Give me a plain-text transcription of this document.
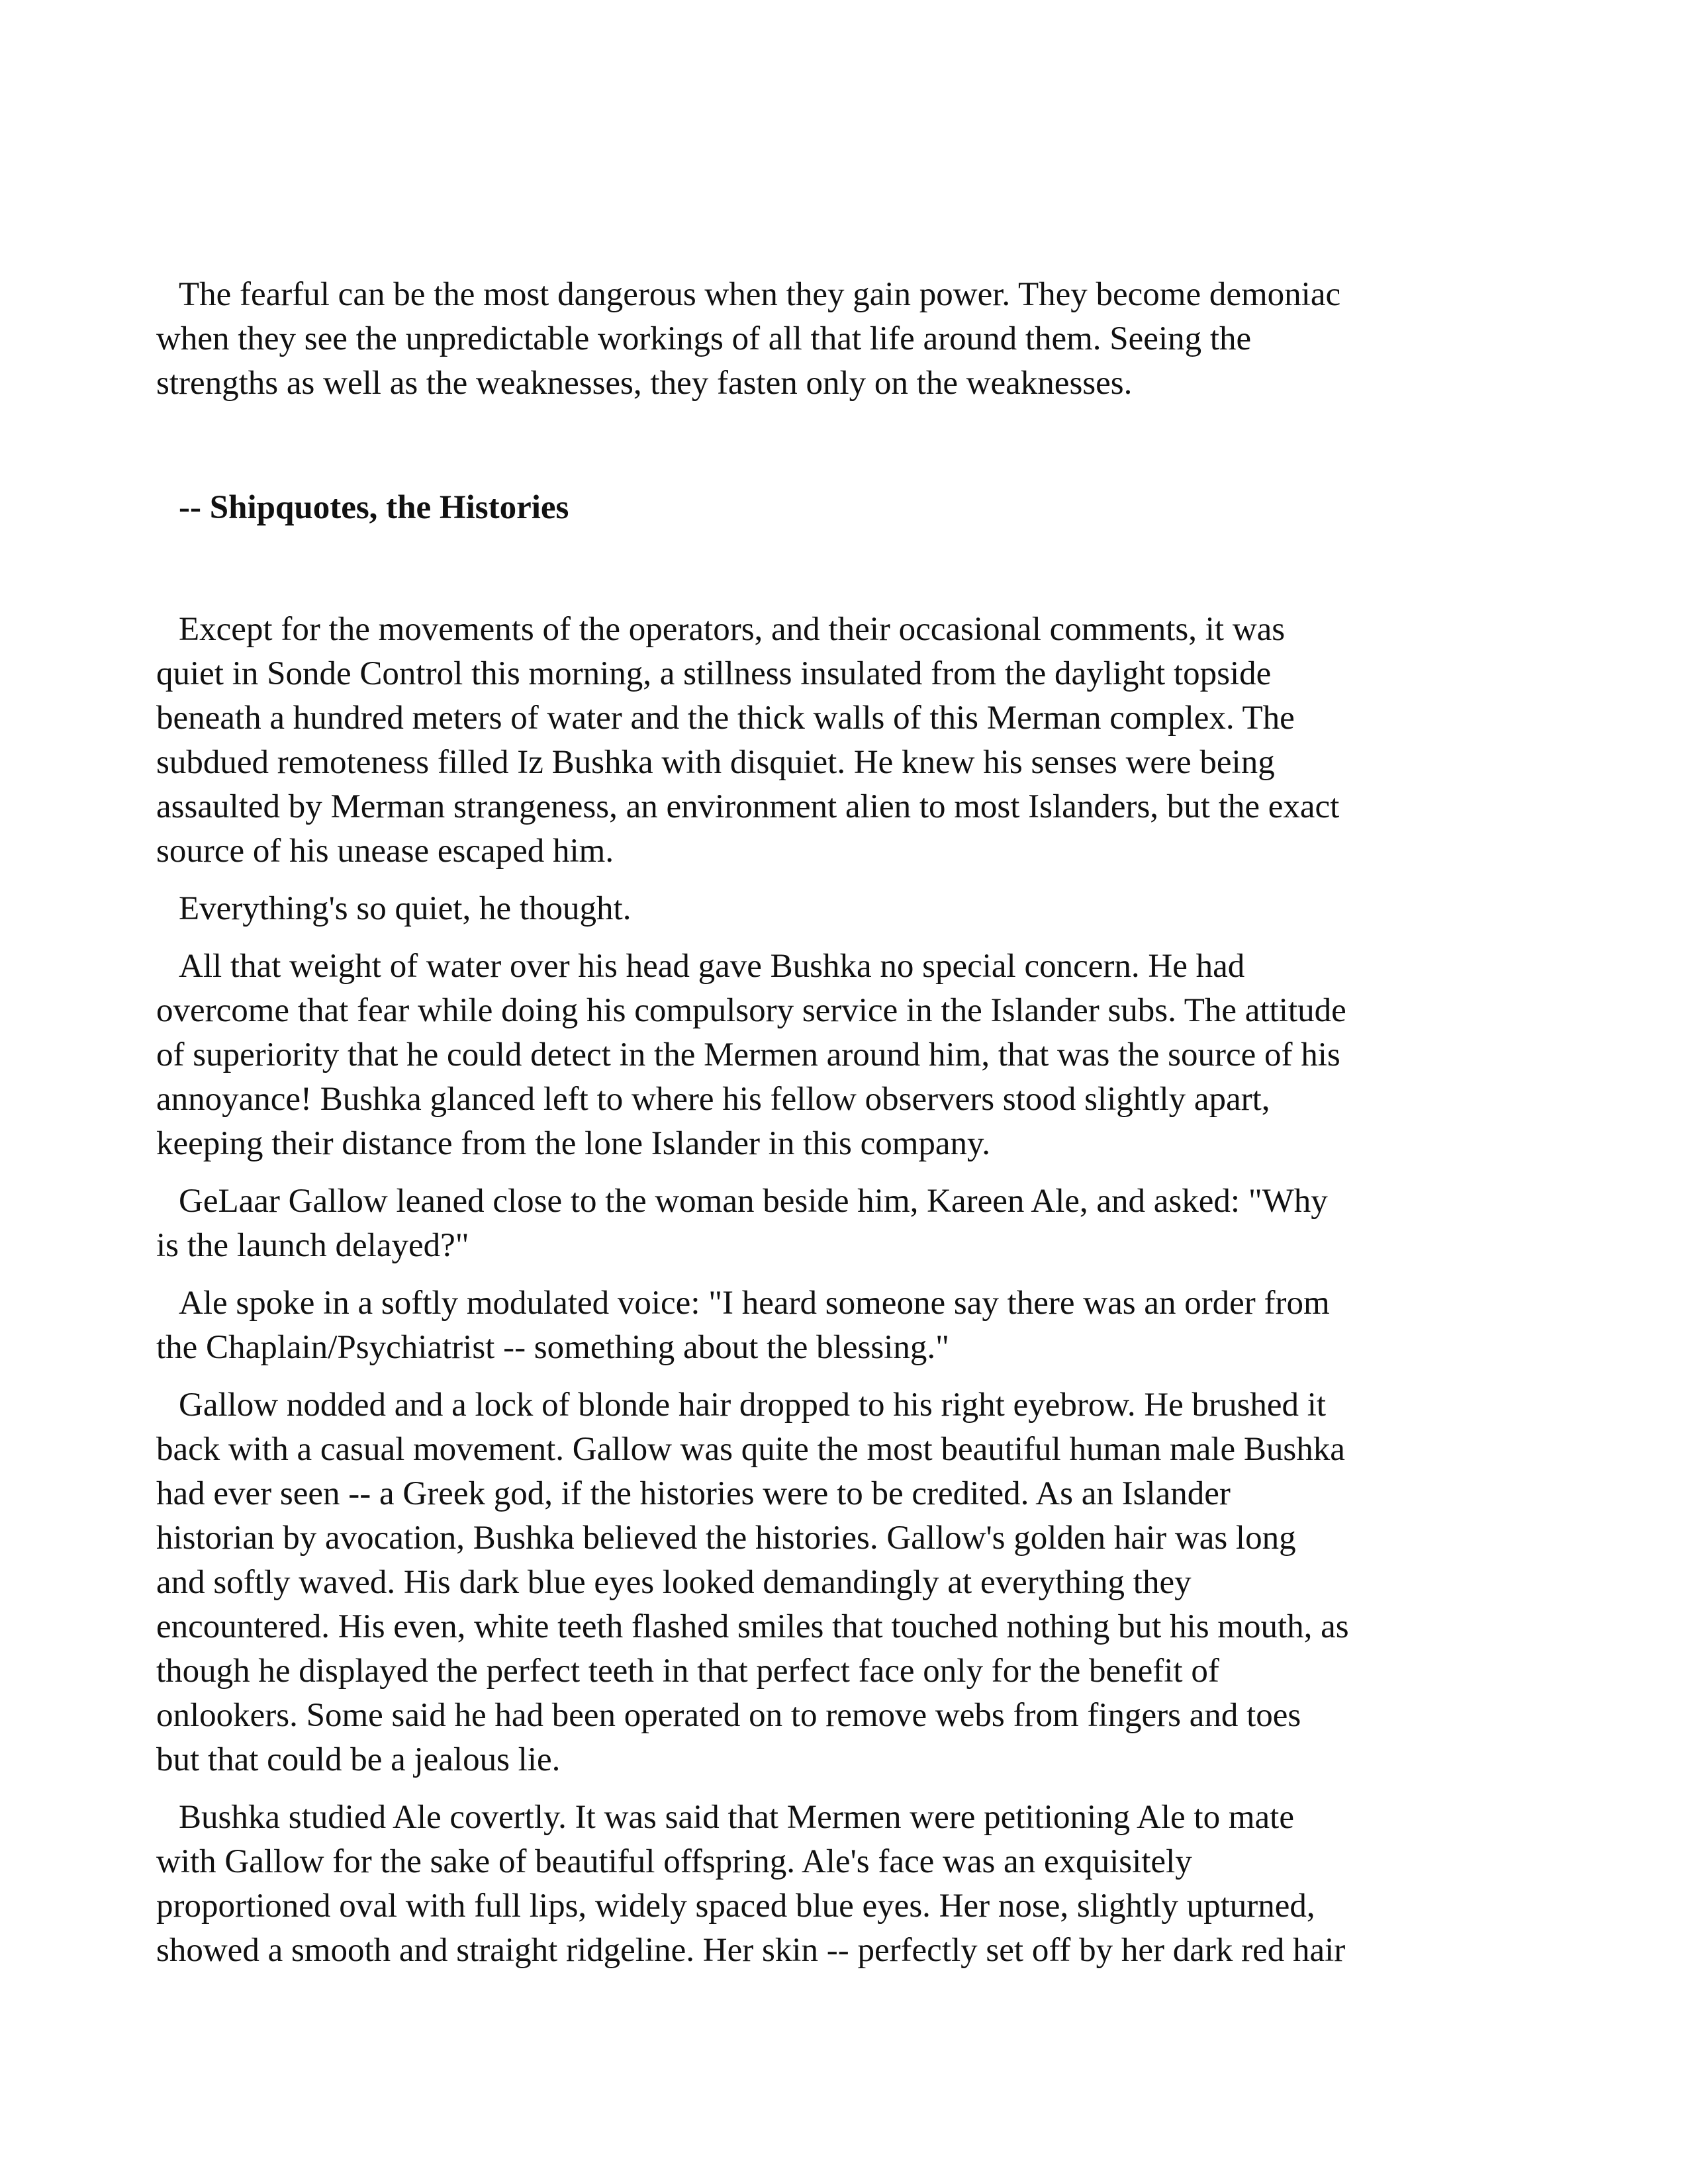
The fearful can be the most dangerous when they gain power. They become demoniac
when they see the unpredictable workings of all that life around them. Seeing the
strengths as well as the weaknesses, they fasten only on the weaknesses.

-- Shipquotes, the Histories

Except for the movements of the operators, and their occasional comments, it was
quiet in Sonde Control this morning, a stillness insulated from the daylight topside
beneath a hundred meters of water and the thick walls of this Merman complex. The
subdued remoteness filled Iz Bushka with disquiet. He knew his senses were being
assaulted by Merman strangeness, an environment alien to most Islanders, but the exact
source of his unease escaped him.

Everything's so quiet, he thought.

All that weight of water over his head gave Bushka no special concern. He had
overcome that fear while doing his compulsory service in the Islander subs. The attitude
of superiority that he could detect in the Mermen around him, that was the source of his
annoyance! Bushka glanced left to where his fellow observers stood slightly apart,
keeping their distance from the lone Islander in this company.

GeLaar Gallow leaned close to the woman beside him, Kareen Ale, and asked: "Why
is the launch delayed?"

Ale spoke in a softly modulated voice: "I heard someone say there was an order from
the Chaplain/Psychiatrist -- something about the blessing."

Gallow nodded and a lock of blonde hair dropped to his right eyebrow. He brushed it
back with a casual movement. Gallow was quite the most beautiful human male Bushka
had ever seen -- a Greek god, if the histories were to be credited. As an Islander
historian by avocation, Bushka believed the histories. Gallow's golden hair was long
and softly waved. His dark blue eyes looked demandingly at everything they
encountered. His even, white teeth flashed smiles that touched nothing but his mouth, as
though he displayed the perfect teeth in that perfect face only for the benefit of
onlookers. Some said he had been operated on to remove webs from fingers and toes
but that could be a jealous lie.

Bushka studied Ale covertly. It was said that Mermen were petitioning Ale to mate
with Gallow for the sake of beautiful offspring. Ale's face was an exquisitely
proportioned oval with full lips, widely spaced blue eyes. Her nose, slightly upturned,
showed a smooth and straight ridgeline. Her skin -- perfectly set off by her dark red hair
